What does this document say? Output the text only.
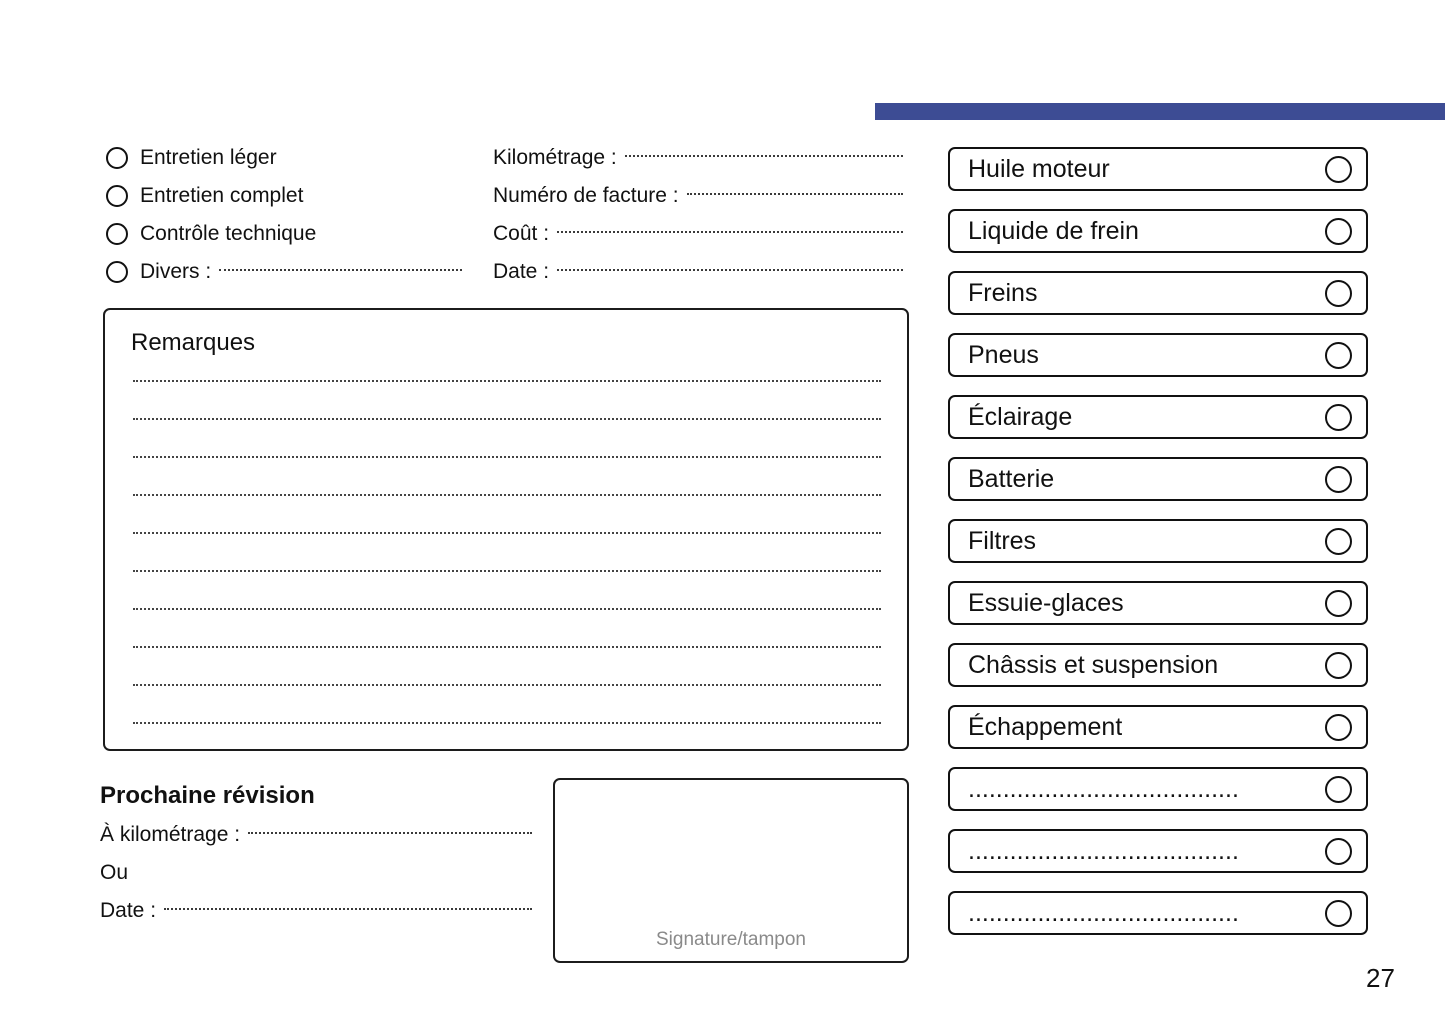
Entretien léger
Entretien complet
Contrôle technique
Divers :
Kilométrage :
Numéro de facture :
Coût :
Date :
Remarques
Prochaine révision
À kilométrage :
Ou
Date :
Signature/tampon
Huile moteur
Liquide de frein
Freins
Pneus
Éclairage
Batterie
Filtres
Essuie-glaces
Châssis et suspension
Échappement
.......................................
.......................................
.......................................
27
